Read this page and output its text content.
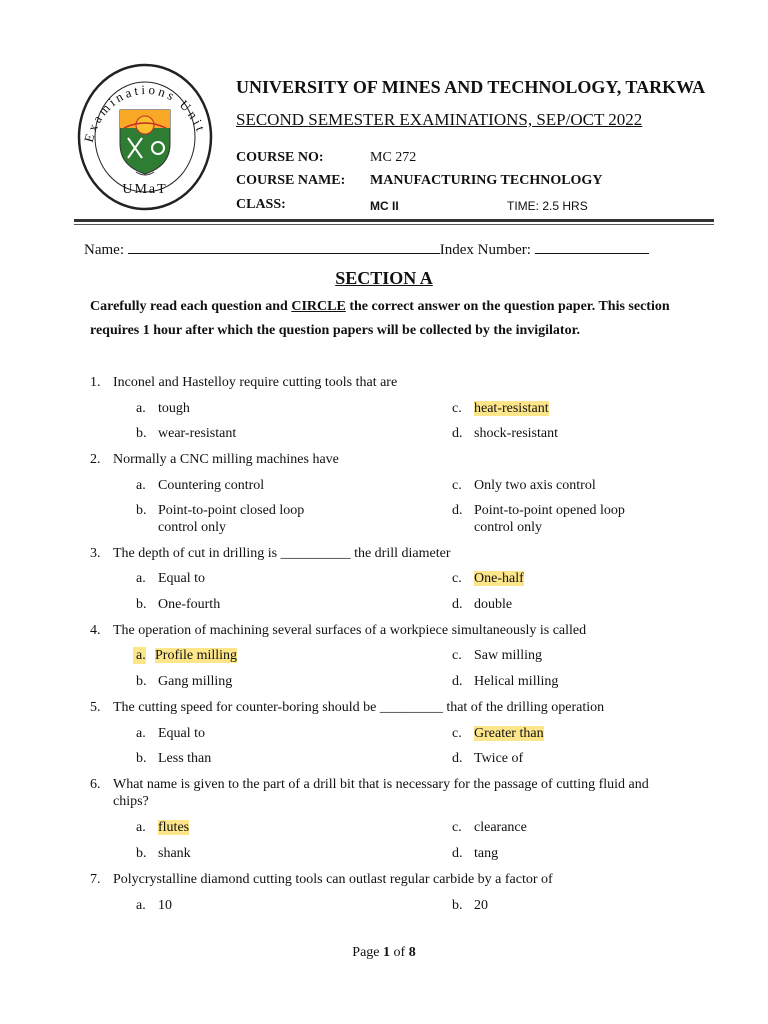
Examinations Unit
UMaT
UNIVERSITY OF MINES AND TECHNOLOGY, TARKWA
SECOND SEMESTER EXAMINATIONS, SEP/OCT 2022
COURSE NO:	MC 272
COURSE NAME: MANUFACTURING TECHNOLOGY
CLASS:	MC II	TIME: 2.5 HRS
Name:	Index Number:
SECTION A
Carefully read each question and CIRCLE the correct answer on the question paper. This section requires 1 hour after which the question papers will be collected by the invigilator.
1. Inconel and Hastelloy require cutting tools that are
a. tough	c. heat-resistant
b. wear-resistant	d. shock-resistant
2. Normally a CNC milling machines have
a. Countering control	c. Only two axis control
b. Point-to-point closed loop control only
d. Point-to-point opened loop control only
3. The depth of cut in drilling is __________ the drill diameter
a. Equal to	c. One-half
b. One-fourth	d. double
4. The operation of machining several surfaces of a workpiece simultaneously is called
a. Profile milling	c. Saw milling
b. Gang milling	d. Helical milling
5. The cutting speed for counter-boring should be _________ that of the drilling operation
a. Equal to	c. Greater than
b. Less than	d. Twice of
6. What name is given to the part of a drill bit that is necessary for the passage of cutting fluid and chips?
a. flutes	c. clearance
b. shank	d. tang
7. Polycrystalline diamond cutting tools can outlast regular carbide by a factor of
a. 10	b. 20
Page 1 of 8
